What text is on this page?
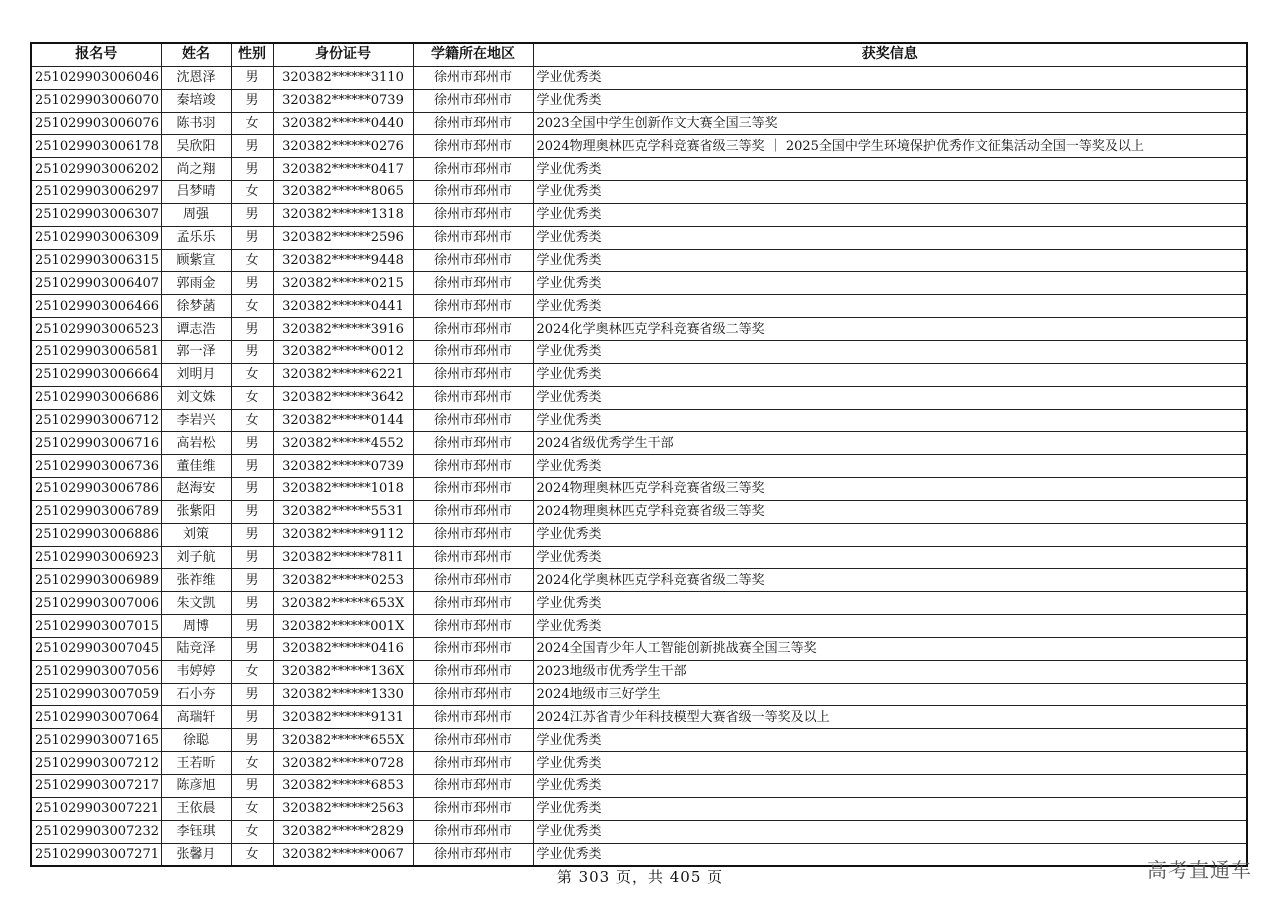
报名号	姓名	性别	身份证号	学籍所在地区	获奖信息
251029903006046	沈恩泽	男	320382******3110	徐州市邳州市	学业优秀类
251029903006070	秦培竣	男	320382******0739	徐州市邳州市	学业优秀类
251029903006076	陈书羽	女	320382******0440	徐州市邳州市	2023全国中学生创新作文大赛全国三等奖
251029903006178	吴欣阳	男	320382******0276	徐州市邳州市	2024物理奥林匹克学科竞赛省级三等奖 ｜ 2025全国中学生环境保护优秀作文征集活动全国一等奖及以上
251029903006202	尚之翔	男	320382******0417	徐州市邳州市	学业优秀类
251029903006297	吕梦晴	女	320382******8065	徐州市邳州市	学业优秀类
251029903006307	周强	男	320382******1318	徐州市邳州市	学业优秀类
251029903006309	孟乐乐	男	320382******2596	徐州市邳州市	学业优秀类
251029903006315	顾紫宣	女	320382******9448	徐州市邳州市	学业优秀类
251029903006407	郭雨金	男	320382******0215	徐州市邳州市	学业优秀类
251029903006466	徐梦菡	女	320382******0441	徐州市邳州市	学业优秀类
251029903006523	谭志浩	男	320382******3916	徐州市邳州市	2024化学奥林匹克学科竞赛省级二等奖
251029903006581	郭一泽	男	320382******0012	徐州市邳州市	学业优秀类
251029903006664	刘明月	女	320382******6221	徐州市邳州市	学业优秀类
251029903006686	刘文姝	女	320382******3642	徐州市邳州市	学业优秀类
251029903006712	李岩兴	女	320382******0144	徐州市邳州市	学业优秀类
251029903006716	高岩松	男	320382******4552	徐州市邳州市	2024省级优秀学生干部
251029903006736	董佳维	男	320382******0739	徐州市邳州市	学业优秀类
251029903006786	赵海安	男	320382******1018	徐州市邳州市	2024物理奥林匹克学科竞赛省级三等奖
251029903006789	张紫阳	男	320382******5531	徐州市邳州市	2024物理奥林匹克学科竞赛省级三等奖
251029903006886	刘策	男	320382******9112	徐州市邳州市	学业优秀类
251029903006923	刘子航	男	320382******7811	徐州市邳州市	学业优秀类
251029903006989	张祚维	男	320382******0253	徐州市邳州市	2024化学奥林匹克学科竞赛省级二等奖
251029903007006	朱文凯	男	320382******653X	徐州市邳州市	学业优秀类
251029903007015	周博	男	320382******001X	徐州市邳州市	学业优秀类
251029903007045	陆竞泽	男	320382******0416	徐州市邳州市	2024全国青少年人工智能创新挑战赛全国三等奖
251029903007056	韦婷婷	女	320382******136X	徐州市邳州市	2023地级市优秀学生干部
251029903007059	石小夯	男	320382******1330	徐州市邳州市	2024地级市三好学生
251029903007064	高瑞轩	男	320382******9131	徐州市邳州市	2024江苏省青少年科技模型大赛省级一等奖及以上
251029903007165	徐聪	男	320382******655X	徐州市邳州市	学业优秀类
251029903007212	王若昕	女	320382******0728	徐州市邳州市	学业优秀类
251029903007217	陈彦旭	男	320382******6853	徐州市邳州市	学业优秀类
251029903007221	王依晨	女	320382******2563	徐州市邳州市	学业优秀类
251029903007232	李钰琪	女	320382******2829	徐州市邳州市	学业优秀类
251029903007271	张馨月	女	320382******0067	徐州市邳州市	学业优秀类
第 303 页，共 405 页	高考直通车
